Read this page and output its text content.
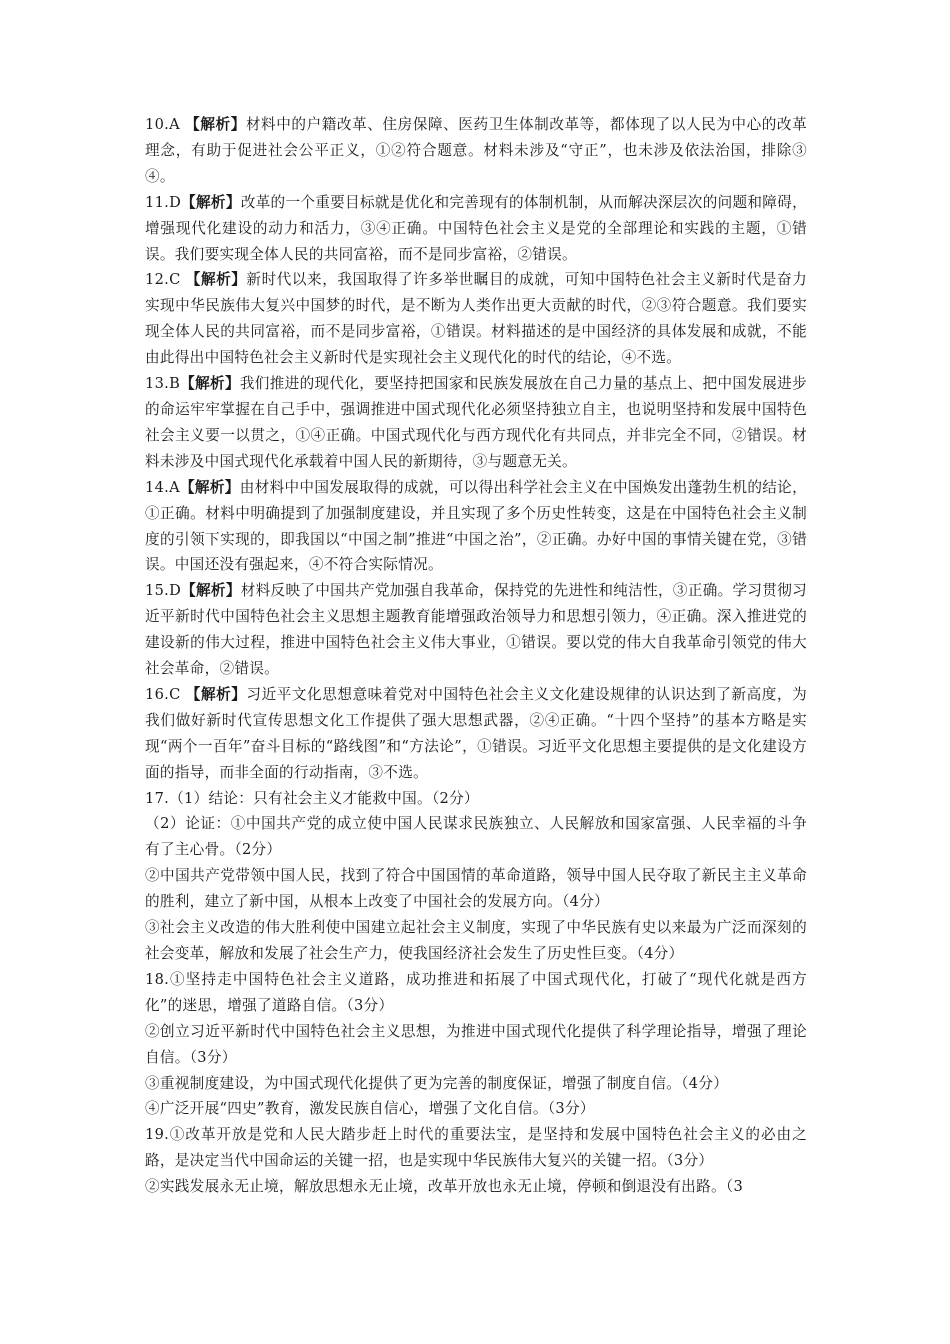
10.A 【解析】材料中的户籍改革、住房保障、医药卫生体制改革等，都体现了以人民为中心的改革理念，有助于促进社会公平正义，①②符合题意。材料未涉及“守正”，也未涉及依法治国，排除③④。

11.D【解析】改革的一个重要目标就是优化和完善现有的体制机制，从而解决深层次的问题和障碍，增强现代化建设的动力和活力，③④正确。中国特色社会主义是党的全部理论和实践的主题，①错误。我们要实现全体人民的共同富裕，而不是同步富裕，②错误。

12.C 【解析】新时代以来，我国取得了许多举世瞩目的成就，可知中国特色社会主义新时代是奋力实现中华民族伟大复兴中国梦的时代，是不断为人类作出更大贡献的时代，②③符合题意。我们要实现全体人民的共同富裕，而不是同步富裕，①错误。材料描述的是中国经济的具体发展和成就，不能由此得出中国特色社会主义新时代是实现社会主义现代化的时代的结论，④不选。

13.B【解析】我们推进的现代化，要坚持把国家和民族发展放在自己力量的基点上、把中国发展进步的命运牢牢掌握在自己手中，强调推进中国式现代化必须坚持独立自主，也说明坚持和发展中国特色社会主义要一以贯之，①④正确。中国式现代化与西方现代化有共同点，并非完全不同，②错误。材料未涉及中国式现代化承载着中国人民的新期待，③与题意无关。

14.A【解析】由材料中中国发展取得的成就，可以得出科学社会主义在中国焕发出蓬勃生机的结论，①正确。材料中明确提到了加强制度建设，并且实现了多个历史性转变，这是在中国特色社会主义制度的引领下实现的，即我国以“中国之制”推进“中国之治”，②正确。办好中国的事情关键在党，③错误。中国还没有强起来，④不符合实际情况。

15.D【解析】材料反映了中国共产党加强自我革命，保持党的先进性和纯洁性，③正确。学习贯彻习近平新时代中国特色社会主义思想主题教育能增强政治领导力和思想引领力，④正确。深入推进党的建设新的伟大过程，推进中国特色社会主义伟大事业，①错误。要以党的伟大自我革命引领党的伟大社会革命，②错误。

16.C 【解析】习近平文化思想意味着党对中国特色社会主义文化建设规律的认识达到了新高度，为我们做好新时代宣传思想文化工作提供了强大思想武器，②④正确。“十四个坚持”的基本方略是实现“两个一百年”奋斗目标的“路线图”和“方法论”，①错误。习近平文化思想主要提供的是文化建设方面的指导，而非全面的行动指南，③不选。

17.（1）结论：只有社会主义才能救中国。（2分）

（2）论证：①中国共产党的成立使中国人民谋求民族独立、人民解放和国家富强、人民幸福的斗争有了主心骨。（2分）

②中国共产党带领中国人民，找到了符合中国国情的革命道路，领导中国人民夺取了新民主主义革命的胜利，建立了新中国，从根本上改变了中国社会的发展方向。（4分）

③社会主义改造的伟大胜利使中国建立起社会主义制度，实现了中华民族有史以来最为广泛而深刻的社会变革，解放和发展了社会生产力，使我国经济社会发生了历史性巨变。（4分）

18.①坚持走中国特色社会主义道路，成功推进和拓展了中国式现代化，打破了“现代化就是西方化”的迷思，增强了道路自信。（3分）

②创立习近平新时代中国特色社会主义思想，为推进中国式现代化提供了科学理论指导，增强了理论自信。（3分）

③重视制度建设，为中国式现代化提供了更为完善的制度保证，增强了制度自信。（4分）

④广泛开展“四史”教育，激发民族自信心，增强了文化自信。（3分）

19.①改革开放是党和人民大踏步赶上时代的重要法宝，是坚持和发展中国特色社会主义的必由之路，是决定当代中国命运的关键一招，也是实现中华民族伟大复兴的关键一招。（3分）

②实践发展永无止境，解放思想永无止境，改革开放也永无止境，停顿和倒退没有出路。（3
